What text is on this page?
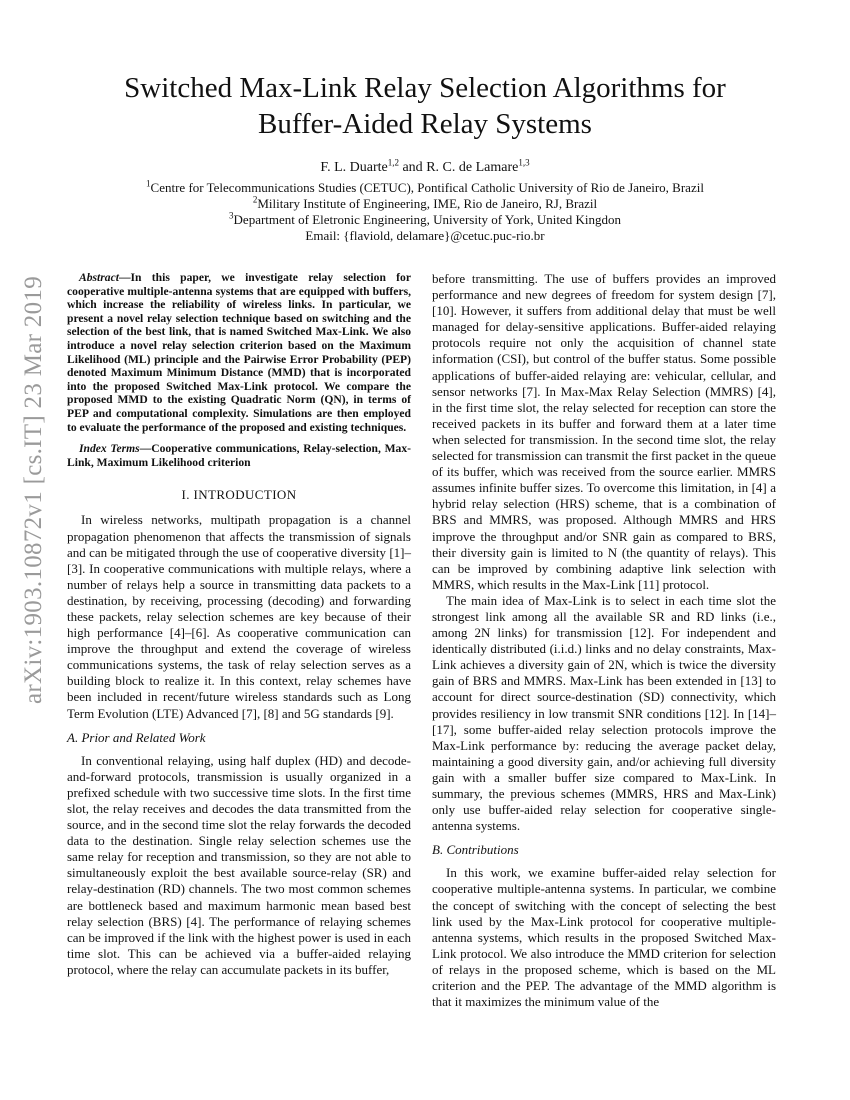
arXiv:1903.10872v1 [cs.IT] 23 Mar 2019
Switched Max-Link Relay Selection Algorithms for
Buffer-Aided Relay Systems
F. L. Duarte$^{1,2}$ and R. C. de Lamare$^{1,3}$
$^1$Centre for Telecommunications Studies (CETUC), Pontifical Catholic University of Rio de Janeiro, Brazil
$^2$Military Institute of Engineering, IME, Rio de Janeiro, RJ, Brazil
$^3$Department of Eletronic Engineering, University of York, United Kingdon
Email: {flaviold, delamare}@cetuc.puc-rio.br

Abstract—In this paper, we investigate relay selection for cooperative multiple-antenna systems that are equipped with buffers, which increase the reliability of wireless links. In particular, we present a novel relay selection technique based on switching and the selection of the best link, that is named Switched Max-Link. We also introduce a novel relay selection criterion based on the Maximum Likelihood (ML) principle and the Pairwise Error Probability (PEP) denoted Maximum Minimum Distance (MMD) that is incorporated into the proposed Switched Max-Link protocol. We compare the proposed MMD to the existing Quadratic Norm (QN), in terms of PEP and computational complexity. Simulations are then employed to evaluate the performance of the proposed and existing techniques.

Index Terms—Cooperative communications, Relay-selection, Max-Link, Maximum Likelihood criterion

I. INTRODUCTION

In wireless networks, multipath propagation is a channel propagation phenomenon that affects the transmission of signals and can be mitigated through the use of cooperative diversity [1]–[3]. In cooperative communications with multiple relays, where a number of relays help a source in transmitting data packets to a destination, by receiving, processing (decoding) and forwarding these packets, relay selection schemes are key because of their high performance [4]–[6]. As cooperative communication can improve the throughput and extend the coverage of wireless communications systems, the task of relay selection serves as a building block to realize it. In this context, relay schemes have been included in recent/future wireless standards such as Long Term Evolution (LTE) Advanced [7], [8] and 5G standards [9].

A. Prior and Related Work

In conventional relaying, using half duplex (HD) and decode-and-forward protocols, transmission is usually organized in a prefixed schedule with two successive time slots. In the first time slot, the relay receives and decodes the data transmitted from the source, and in the second time slot the relay forwards the decoded data to the destination. Single relay selection schemes use the same relay for reception and transmission, so they are not able to simultaneously exploit the best available source-relay (SR) and relay-destination (RD) channels. The two most common schemes are bottleneck based and maximum harmonic mean based best relay selection (BRS) [4]. The performance of relaying schemes can be improved if the link with the highest power is used in each time slot. This can be achieved via a buffer-aided relaying protocol, where the relay can accumulate packets in its buffer,

before transmitting. The use of buffers provides an improved performance and new degrees of freedom for system design [7], [10]. However, it suffers from additional delay that must be well managed for delay-sensitive applications. Buffer-aided relaying protocols require not only the acquisition of channel state information (CSI), but control of the buffer status. Some possible applications of buffer-aided relaying are: vehicular, cellular, and sensor networks [7]. In Max-Max Relay Selection (MMRS) [4], in the first time slot, the relay selected for reception can store the received packets in its buffer and forward them at a later time when selected for transmission. In the second time slot, the relay selected for transmission can transmit the first packet in the queue of its buffer, which was received from the source earlier. MMRS assumes infinite buffer sizes. To overcome this limitation, in [4] a hybrid relay selection (HRS) scheme, that is a combination of BRS and MMRS, was proposed. Although MMRS and HRS improve the throughput and/or SNR gain as compared to BRS, their diversity gain is limited to N (the quantity of relays). This can be improved by combining adaptive link selection with MMRS, which results in the Max-Link [11] protocol.

The main idea of Max-Link is to select in each time slot the strongest link among all the available SR and RD links (i.e., among 2N links) for transmission [12]. For independent and identically distributed (i.i.d.) links and no delay constraints, Max-Link achieves a diversity gain of 2N, which is twice the diversity gain of BRS and MMRS. Max-Link has been extended in [13] to account for direct source-destination (SD) connectivity, which provides resiliency in low transmit SNR conditions [12]. In [14]–[17], some buffer-aided relay selection protocols improve the Max-Link performance by: reducing the average packet delay, maintaining a good diversity gain, and/or achieving full diversity gain with a smaller buffer size compared to Max-Link. In summary, the previous schemes (MMRS, HRS and Max-Link) only use buffer-aided relay selection for cooperative single-antenna systems.

B. Contributions

In this work, we examine buffer-aided relay selection for cooperative multiple-antenna systems. In particular, we combine the concept of switching with the concept of selecting the best link used by the Max-Link protocol for cooperative multiple-antenna systems, which results in the proposed Switched Max-Link protocol. We also introduce the MMD criterion for selection of relays in the proposed scheme, which is based on the ML criterion and the PEP. The advantage of the MMD algorithm is that it maximizes the minimum value of the
